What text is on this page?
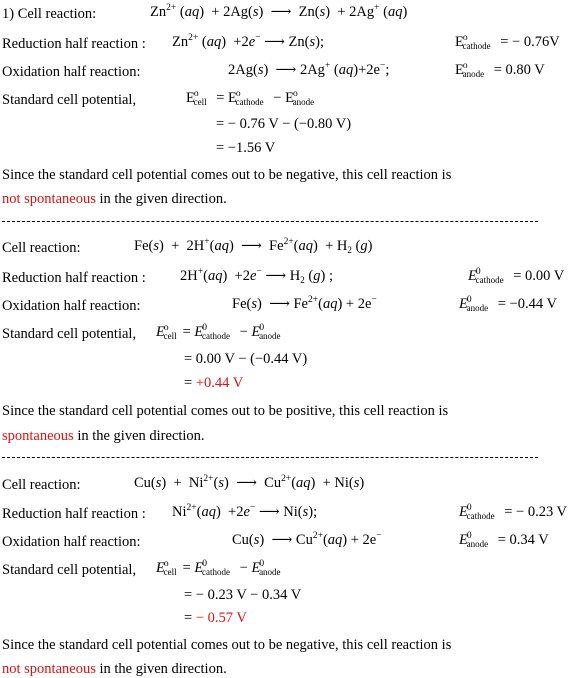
1) Cell reaction:	$Zn^{2+}$ (aq)  + 2Ag(s)  ⟶  Zn(s)  + 2Ag+ (aq)
Reduction half reaction : $Zn^{2+}$ (aq)  +2e− ⟶ Zn(s);	$E^o_{cathode}$ = − 0.76V
Oxidation half reaction:	2Ag(s)  ⟶ 2Ag+ (aq)+2e−;	$E^o_{anode} = 0.80$ V
Standard cell potential,	$E^o_{cell} = E^o_{cathode} - E^o_{anode}$
= − 0.76 V − (−0.80 V)
= −1.56 V
Since the standard cell potential comes out to be negative, this cell reaction is
not spontaneous in the given direction.
Cell reaction:	Fe(s)  +  2H+(aq)  ⟶  $Fe^{2+}(aq) + H_2$ (g)
Reduction half reaction : 2H+(aq)  +2e− ⟶ $H_2$ (g) ;	$E^0_{cathode} = 0.00$ V
Oxidation half reaction:	Fe(s)  ⟶ $Fe^{2+}(aq) + 2e^-$	$E^0_{anode} = -0.44$ V
Standard cell potential, $E^o_{cell} = E^0_{cathode} - E^0_{anode}$
= 0.00 V − (−0.44 V)
= +0.44 V
Since the standard cell potential comes out to be positive, this cell reaction is
spontaneous in the given direction.
Cell reaction:	$Cu(s) + Ni^{2+}(s)$  ⟶  $Cu^{2+}(aq) + Ni(s)$
Reduction half reaction : $Ni^{2+}(aq) +2e^-$ ⟶ Ni(s);	$E^0_{cathode}$ = − 0.23 V
Oxidation half reaction:	Cu(s)  ⟶ $Cu^{2+}(aq) + 2e^-$	$E^0_{anode} = 0.34$ V
Standard cell potential, $E^o_{cell} = E^0_{cathode} - E^0_{anode}$
= − 0.23 V − 0.34 V
= − 0.57 V
Since the standard cell potential comes out to be negative, this cell reaction is
not spontaneous in the given direction.
